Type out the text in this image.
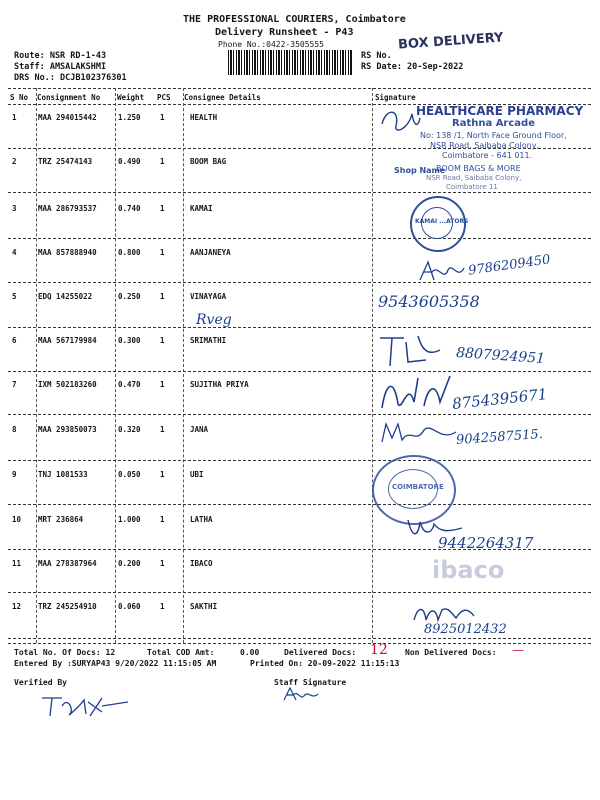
THE PROFESSIONAL COURIERS, Coimbatore
Delivery Runsheet - P43
Phone No.:0422-3505555
Route: NSR RD-1-43
Staff: AMSALAKSHMI
DRS No.: DCJB102376301
RS No.
RS Date: 20-Sep-2022
BOX DELIVERY
S No Consignment No Weight PCS Consignee Details	Signature
1	MAA 294015442	1.250	1	HEALTH
2	TRZ 25474143	0.490	1	BOOM BAG
3	MAA 286793537	0.740	1	KAMAI
4	MAA 857888940	0.800	1	AANJANEYA
5	EDQ 14255022	0.250	1	VINAYAGA
6	MAA 567179984	0.300	1	SRIMATHI
7	IXM 502183260	0.470	1	SUJITHA PRIYA
8	MAA 293850073	0.320	1	JANA
9	TNJ 1081533	0.050	1	UBI
10 MRT 236864	1.000	1	LATHA
11 MAA 278387964	0.200	1	IBACO
12 TRZ 245254910	0.060	1	SAKTHI
HEALTHCARE PHARMACY
Rathna Arcade
No: 138 /1, North Face Ground Floor,
NSR Road, Saibaba Colony,
Coimbatore - 641 011.
Shop Name
BOOM BAGS & MORE
NSR Road, Saibaba Colony,
Coimbatore 11
KAMAI ...ATORS
COIMBATORE
ibaco
Rveg
9786209450
9543605358
8807924951
8754395671
9042587515.
9442264317
8925012432
Total No. Of Docs: 12	Total COD Amt:	0.00	Delivered Docs: 12 Non Delivered Docs: —
Entered By :SURYAP43 9/20/2022 11:15:05 AM	Printed On: 20-09-2022 11:15:13
Verified By	Staff Signature
